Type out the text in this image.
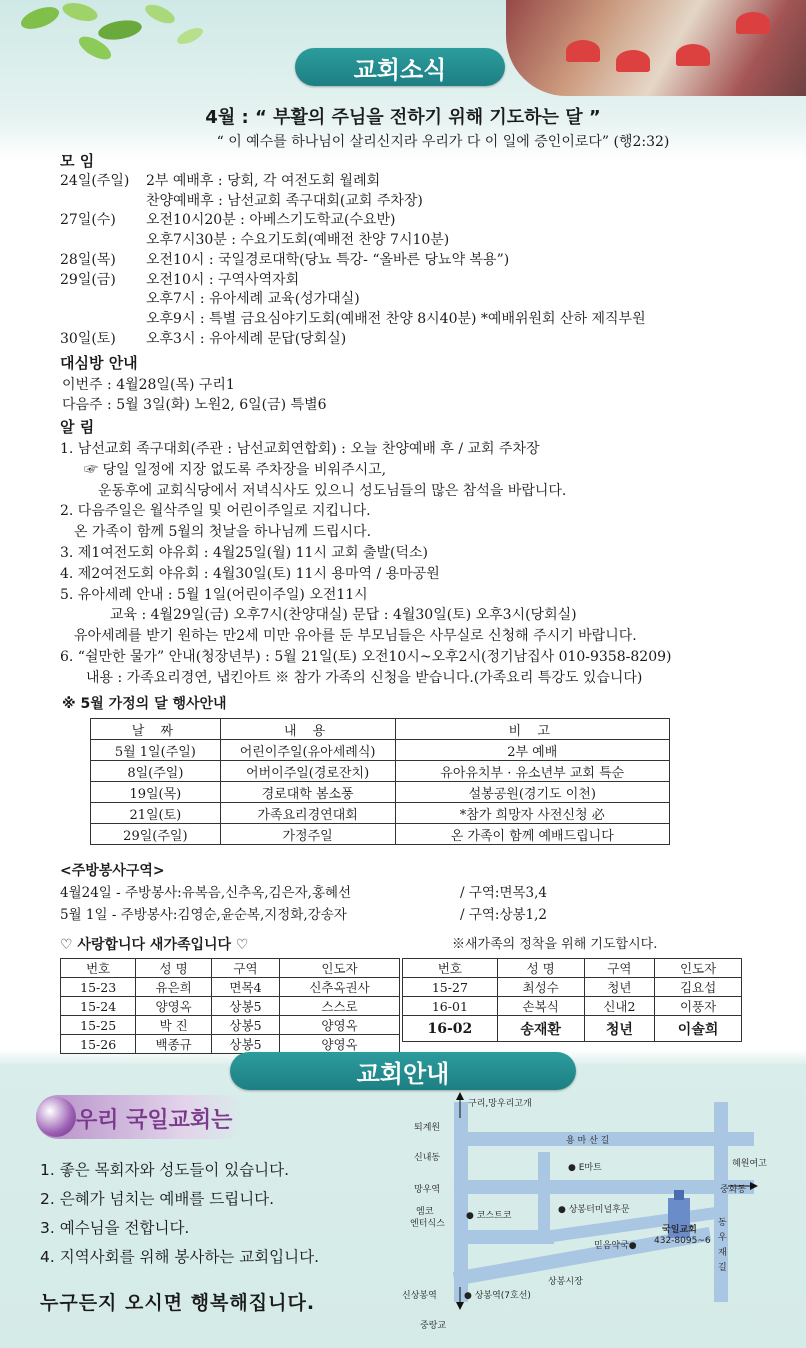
교회소식
4월 : “ 부활의 주님을 전하기 위해 기도하는 달 ”
“ 이 예수를 하나님이 살리신지라 우리가 다 이 일에 증인이로다” (행2:32)
모 임
24일(주일) 2부 예배후 : 당회, 각 여전도회 월례회
찬양예배후 : 남선교회 족구대회(교회 주차장)
27일(수) 오전10시20분 : 아베스기도학교(수요반)
오후7시30분 : 수요기도회(예배전 찬양 7시10분)
28일(목) 오전10시 : 국일경로대학(당뇨 특강- “올바른 당뇨약 복용”)
29일(금) 오전10시 : 구역사역자회
오후7시 : 유아세례 교육(성가대실)
오후9시 : 특별 금요심야기도회(예배전 찬양 8시40분) *예배위원회 산하 제직부원
30일(토) 오후3시 : 유아세례 문답(당회실)
대심방 안내
이번주 : 4월28일(목) 구리1
다음주 : 5월 3일(화) 노원2, 6일(금) 특별6
알 림
1. 남선교회 족구대회(주관 : 남선교회연합회) : 오늘 찬양예배 후 / 교회 주차장
☞ 당일 일정에 지장 없도록 주차장을 비워주시고,
운동후에 교회식당에서 저녁식사도 있으니 성도님들의 많은 참석을 바랍니다.
2. 다음주일은 월삭주일 및 어린이주일로 지킵니다.
온 가족이 함께 5월의 첫날을 하나님께 드립시다.
3. 제1여전도회 야유회 : 4월25일(월) 11시 교회 출발(덕소)
4. 제2여전도회 야유회 : 4월30일(토) 11시 용마역 / 용마공원
5. 유아세례 안내 : 5월 1일(어린이주일) 오전11시
교육 : 4월29일(금) 오후7시(찬양대실) 문답 : 4월30일(토) 오후3시(당회실)
유아세례를 받기 원하는 만2세 미만 유아를 둔 부모님들은 사무실로 신청해 주시기 바랍니다.
6. “쉴만한 물가” 안내(청장년부) : 5월 21일(토) 오전10시~오후2시(정기남집사 010-9358-8209)
내용 : 가족요리경연, 냅킨아트 ※ 참가 가족의 신청을 받습니다.(가족요리 특강도 있습니다)
※ 5월 가정의 달 행사안내
날 짜	내 용	비 고
5월 1일(주일)	어린이주일(유아세례식)	2부 예배
8일(주일)	어버이주일(경로잔치)	유아유치부 · 유소년부 교회 특순
19일(목)	경로대학 봄소풍	설봉공원(경기도 이천)
21일(토)	가족요리경연대회	*참가 희망자 사전신청 必
29일(주일)	가정주일	온 가족이 함께 예배드립니다
<주방봉사구역>
4월24일 - 주방봉사:유복음,신추옥,김은자,홍혜선	/ 구역:면목3,4
5월 1일 - 주방봉사:김영순,윤순복,지정화,강송자	/ 구역:상봉1,2
♡ 사랑합니다 새가족입니다 ♡	※새가족의 정착을 위해 기도합시다.
번호	성 명	구역	인도자
15-23	유은희	면목4	신추옥권사
15-24	양영옥	상봉5	스스로
15-25	박 진	상봉5	양영옥
15-26	백종규	상봉5	양영옥
번호	성 명	구역	인도자
15-27	최성수	청년	김요섭
16-01	손복식	신내2	이풍자
16-02	송재환	청년	이솔희
교회안내
우리 국일교회는
1. 좋은 목회자와 성도들이 있습니다.
2. 은혜가 넘치는 예배를 드립니다.
3. 예수님을 전합니다.
4. 지역사회를 위해 봉사하는 교회입니다.
누구든지 오시면 행복해집니다.
구리,망우리고개
퇴계원
용 마 산 길
신내동
● E마트	혜원여고
망우역	중화동
엠코
엔터식스
● 코스트코
● 상봉터미널후문
국일교회
432-8095~6
믿음약국●
동
우
재
길
상봉시장
신상봉역	● 상봉역(7호선)
중랑교
